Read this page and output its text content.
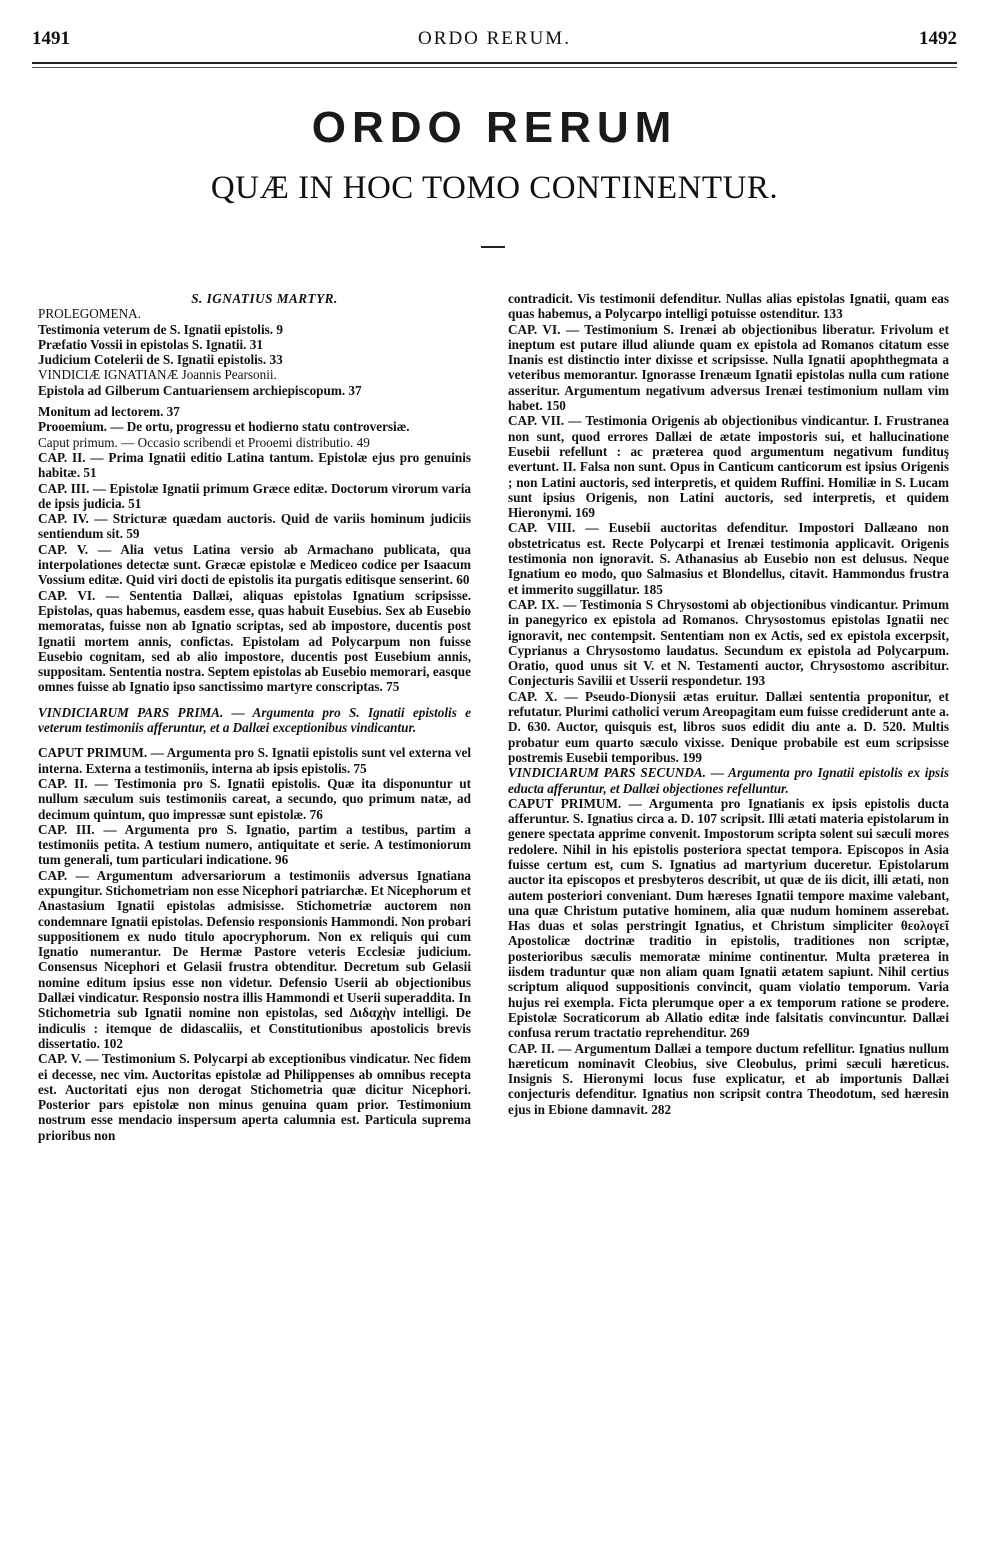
1491	ORDO RERUM.	1492
ORDO RERUM
QUÆ IN HOC TOMO CONTINENTUR.

S. IGNATIUS MARTYR.

PROLEGOMENA.

Testimonia veterum de S. Ignatii epistolis. 9

Præfatio Vossii in epistolas S. Ignatii. 31

Judicium Cotelerii de S. Ignatii epistolis. 33

VINDICIÆ IGNATIANÆ Joannis Pearsonii.

Epistola ad Gilberum Cantuariensem archiepiscopum. 37

Monitum ad lectorem. 37

Prooemium. — De ortu, progressu et hodierno statu controversiæ.

Caput primum. — Occasio scribendi et Prooemi distributio. 49

CAP. II. — Prima Ignatii editio Latina tantum. Epistolæ ejus pro genuinis habitæ. 51

CAP. III. — Epistolæ Ignatii primum Græce editæ. Doctorum virorum varia de ipsis judicia. 51

CAP. IV. — Stricturæ quædam auctoris. Quid de variis hominum judiciis sentiendum sit. 59

CAP. V. — Alia vetus Latina versio ab Armachano publicata, qua interpolationes detectæ sunt. Græcæ epistolæ e Mediceo codice per Isaacum Vossium editæ. Quid viri docti de epistolis ita purgatis editisque senserint. 60

CAP. VI. — Sententia Dallæi, aliquas epistolas Ignatium scripsisse. Epistolas, quas habemus, easdem esse, quas habuit Eusebius. Sex ab Eusebio memoratas, fuisse non ab Ignatio scriptas, sed ab impostore, ducentis post Ignatii mortem annis, confictas. Epistolam ad Polycarpum non fuisse Eusebio cognitam, sed ab alio impostore, ducentis post Eusebium annis, suppositam. Sententia nostra. Septem epistolas ab Eusebio memorari, easque omnes fuisse ab Ignatio ipso sanctissimo martyre conscriptas. 75

VINDICIARUM PARS PRIMA. — Argumenta pro S. Ignatii epistolis e veterum testimoniis afferuntur, et a Dallæi exceptionibus vindicantur.

CAPUT PRIMUM. — Argumenta pro S. Ignatii epistolis sunt vel externa vel interna. Externa a testimoniis, interna ab ipsis epistolis. 75

CAP. II. — Testimonia pro S. Ignatii epistolis. Quæ ita disponuntur ut nullum sæculum suis testimoniis careat, a secundo, quo primum natæ, ad decimum quintum, quo impressæ sunt epistolæ. 76

CAP. III. — Argumenta pro S. Ignatio, partim a testibus, partim a testimoniis petita. A testium numero, antiquitate et serie. A testimoniorum tum generali, tum particulari indicatione. 96

CAP. — Argumentum adversariorum a testimoniis adversus Ignatiana expungitur. Stichometriam non esse Nicephori patriarchæ. Et Nicephorum et Anastasium Ignatii epistolas admisisse. Stichometriæ auctorem non condemnare Ignatii epistolas. Defensio responsionis Hammondi. Non probari suppositionem ex nudo titulo apocryphorum. Non ex reliquis qui cum Ignatio numerantur. De Hermæ Pastore veteris Ecclesiæ judicium. Consensus Nicephori et Gelasii frustra obtenditur. Decretum sub Gelasii nomine editum ipsius esse non videtur. Defensio Userii ab objectionibus Dallæi vindicatur. Responsio nostra illis Hammondi et Userii superaddita. In Stichometria sub Ignatii nomine non epistolas, sed Διδαχὴν intelligi. De indiculis : itemque de didascaliis, et Constitutionibus apostolicis brevis dissertatio. 102

CAP. V. — Testimonium S. Polycarpi ab exceptionibus vindicatur. Nec fidem ei decesse, nec vim. Auctoritas epistolæ ad Philippenses ab omnibus recepta est. Auctoritati ejus non derogat Stichometria quæ dicitur Nicephori. Posterior pars epistolæ non minus genuina quam prior. Testimonium nostrum esse mendacio inspersum aperta calumnia est. Particula suprema prioribus non

contradicit. Vis testimonii defenditur. Nullas alias epistolas Ignatii, quam eas quas habemus, a Polycarpo intelligi potuisse ostenditur. 133

CAP. VI. — Testimonium S. Irenæi ab objectionibus liberatur. Frivolum et ineptum est putare illud aliunde quam ex epistola ad Romanos citatum esse Inanis est distinctio inter dixisse et scripsisse. Nulla Ignatii apophthegmata a veteribus memorantur. Ignorasse Irenæum Ignatii epistolas nulla cum ratione asseritur. Argumentum negativum adversus Irenæi testimonium nullam vim habet. 150

CAP. VII. — Testimonia Origenis ab objectionibus vindicantur. I. Frustranea non sunt, quod errores Dallæi de ætate impostoris sui, et hallucinatione Eusebii refellunt : ac præterea quod argumentum negativum fundituş evertunt. II. Falsa non sunt. Opus in Canticum canticorum est ipsius Origenis ; non Latini auctoris, sed interpretis, et quidem Ruffini. Homiliæ in S. Lucam sunt ipsius Origenis, non Latini auctoris, sed interpretis, et quidem Hieronymi. 169

CAP. VIII. — Eusebii auctoritas defenditur. Impostori Dallæano non obstetricatus est. Recte Polycarpi et Irenæi testimonia applicavit. Origenis testimonia non ignoravit. S. Athanasius ab Eusebio non est delusus. Neque Ignatium eo modo, quo Salmasius et Blondellus, citavit. Hammondus frustra et immerito suggillatur. 185

CAP. IX. — Testimonia S Chrysostomi ab objectionibus vindicantur. Primum in panegyrico ex epistola ad Romanos. Chrysostomus epistolas Ignatii nec ignoravit, nec contempsit. Sententiam non ex Actis, sed ex epistola excerpsit, Cyprianus a Chrysostomo laudatus. Secundum ex epistola ad Polycarpum. Oratio, quod unus sit V. et N. Testamenti auctor, Chrysostomo ascribitur. Conjecturis Savilii et Usserii respondetur. 193

CAP. X. — Pseudo-Dionysii ætas eruitur. Dallæi sententia proponitur, et refutatur. Plurimi catholici verum Areopagitam eum fuisse crediderunt ante a. D. 630. Auctor, quisquis est, libros suos edidit diu ante a. D. 520. Multis probatur eum quarto sæculo vixisse. Denique probabile est eum scripsisse postremis Eusebii temporibus. 199

VINDICIARUM PARS SECUNDA. — Argumenta pro Ignatii epistolis ex ipsis educta afferuntur, et Dallæi objectiones refelluntur.

CAPUT PRIMUM. — Argumenta pro Ignatianis ex ipsis epistolis ducta afferuntur. S. Ignatius circa a. D. 107 scripsit. Illi ætati materia epistolarum in genere spectata apprime convenit. Impostorum scripta solent sui sæculi mores redolere. Nihil in his epistolis posteriora spectat tempora. Episcopos in Asia fuisse certum est, cum S. Ignatius ad martyrium duceretur. Epistolarum auctor ita episcopos et presbyteros describit, ut quæ de iis dicit, illi ætati, non autem posteriori conveniant. Dum hæreses Ignatii tempore maxime valebant, una quæ Christum putative hominem, alia quæ nudum hominem asserebat. Has duas et solas perstringit Ignatius, et Christum simpliciter θεολογεῖ Apostolicæ doctrinæ traditio in epistolis, traditiones non scriptæ, posterioribus sæculis memoratæ minime continentur. Multa præterea in iisdem traduntur quæ non aliam quam Ignatii ætatem sapiunt. Nihil certius scriptum aliquod suppositionis convincit, quam violatio temporum. Varia hujus rei exempla. Ficta plerumque oper a ex temporum ratione se prodere. Epistolæ Socraticorum ab Allatio editæ inde falsitatis convincuntur. Dallæi confusa rerum tractatio reprehenditur. 269

CAP. II. — Argumentum Dallæi a tempore ductum refellitur. Ignatius nullum hæreticum nominavit Cleobius, sive Cleobulus, primi sæculi hæreticus. Insignis S. Hieronymi locus fuse explicatur, et ab importunis Dallæi conjecturis defenditur. Ignatius non scripsit contra Theodotum, sed hæresin ejus in Ebione damnavit. 282
